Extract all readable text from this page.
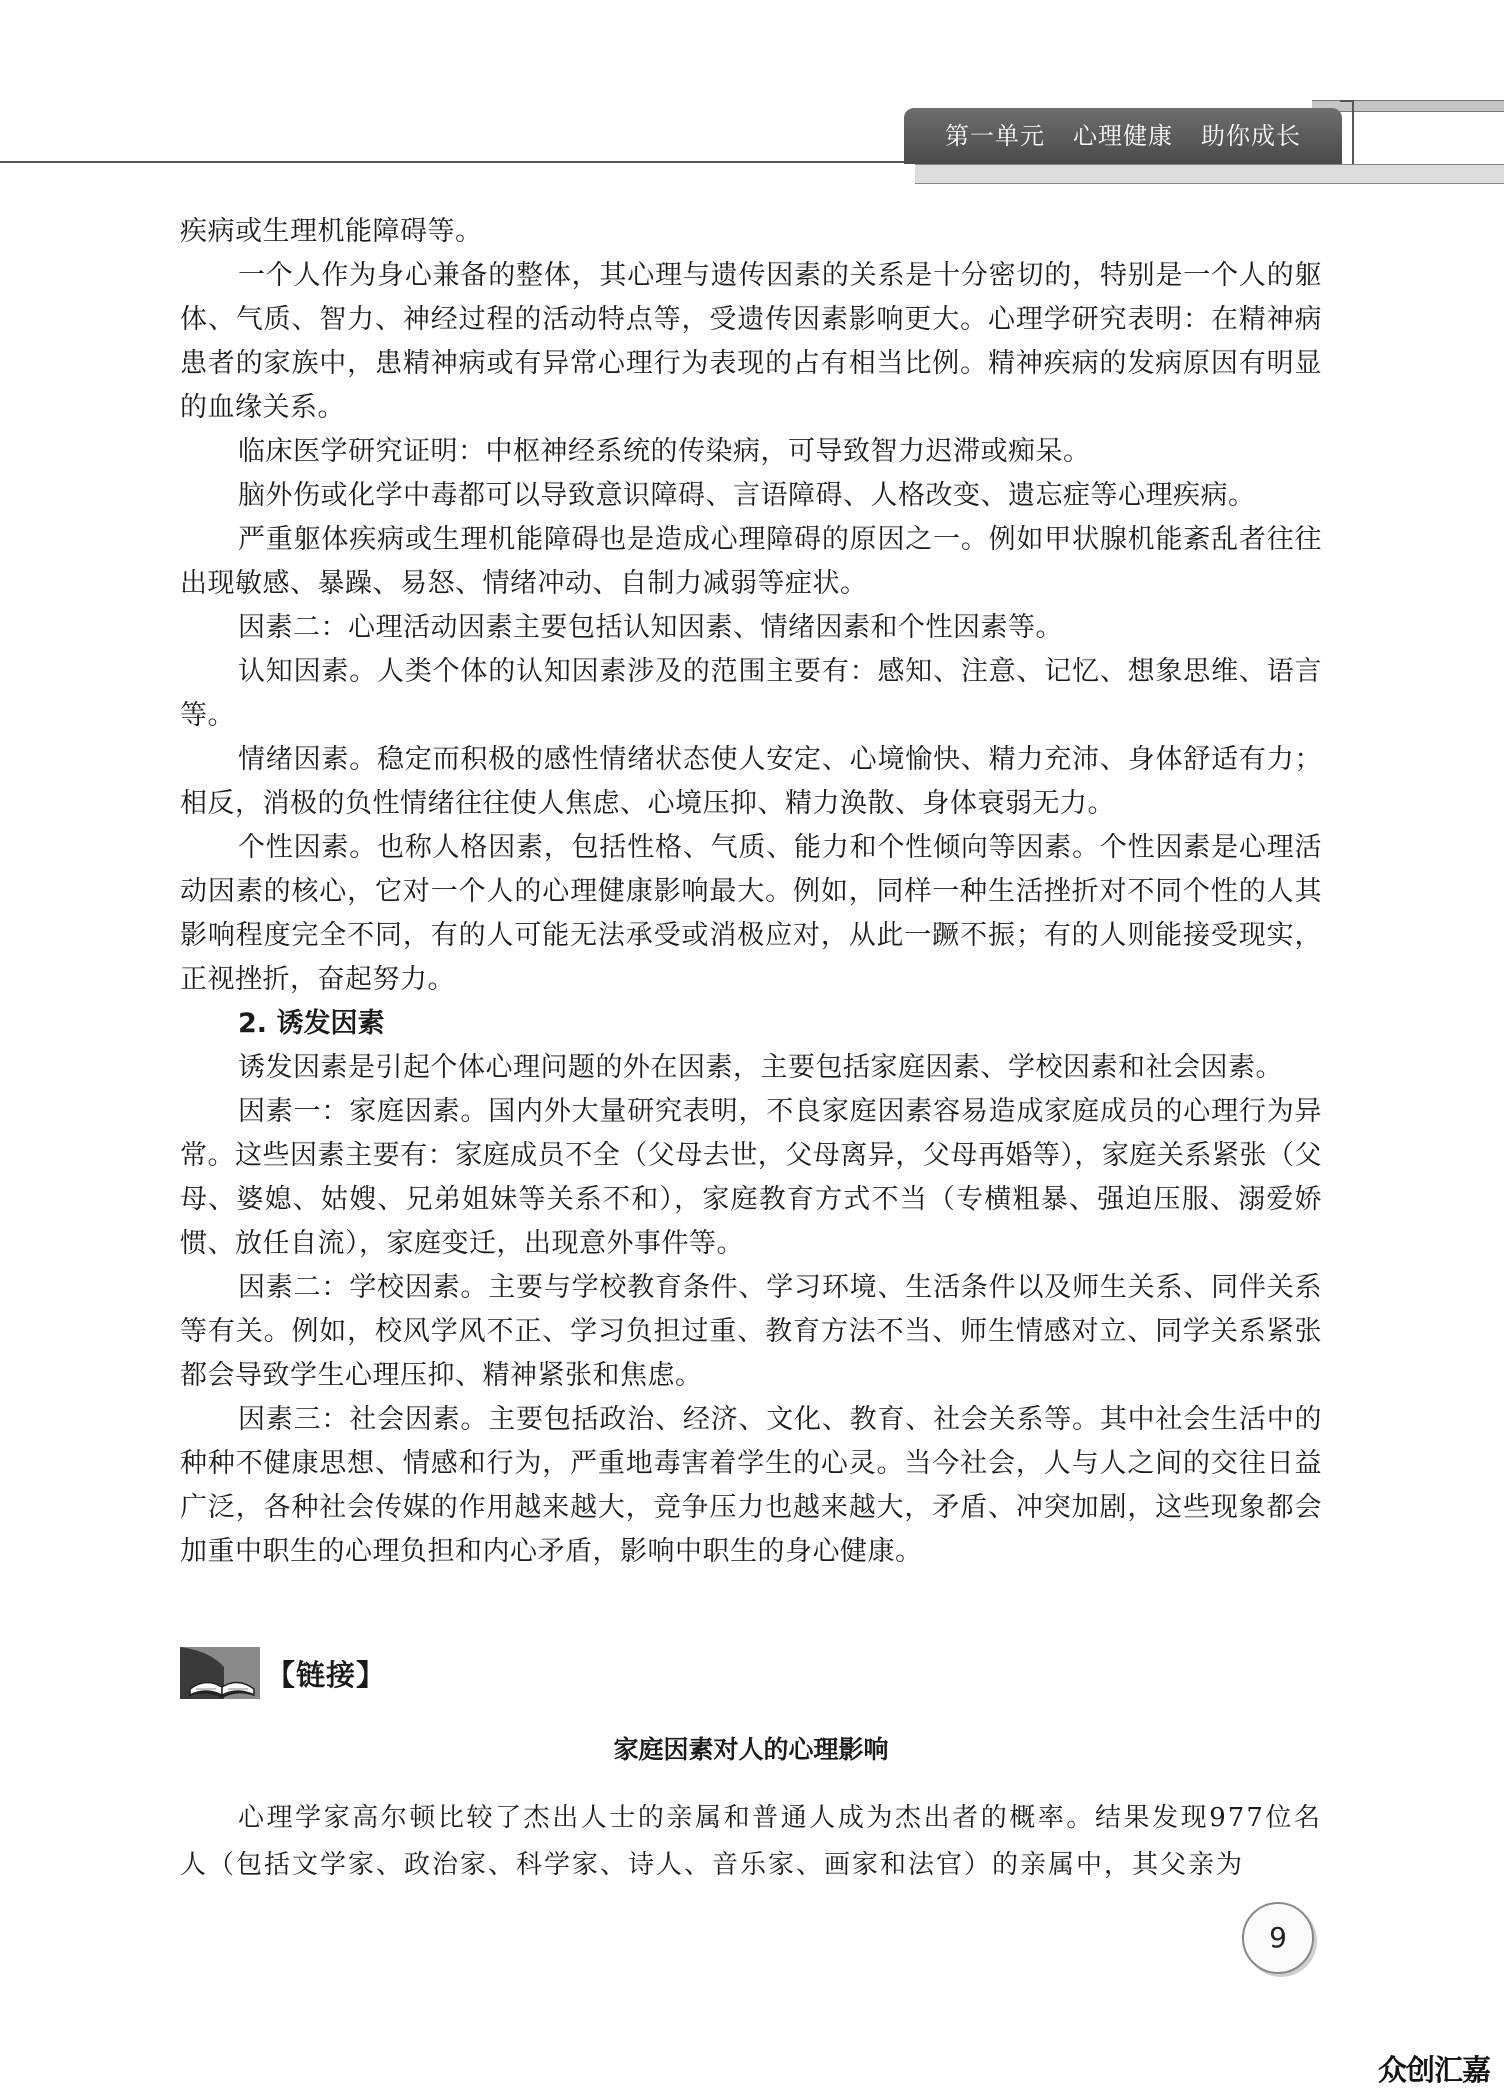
第一单元 心理健康 助你成长

疾病或生理机能障碍等。

一个人作为身心兼备的整体，其心理与遗传因素的关系是十分密切的，特别是一个人的躯体、气质、智力、神经过程的活动特点等，受遗传因素影响更大。心理学研究表明：在精神病患者的家族中，患精神病或有异常心理行为表现的占有相当比例。精神疾病的发病原因有明显的血缘关系。

临床医学研究证明：中枢神经系统的传染病，可导致智力迟滞或痴呆。

脑外伤或化学中毒都可以导致意识障碍、言语障碍、人格改变、遗忘症等心理疾病。

严重躯体疾病或生理机能障碍也是造成心理障碍的原因之一。例如甲状腺机能紊乱者往往出现敏感、暴躁、易怒、情绪冲动、自制力减弱等症状。

因素二：心理活动因素主要包括认知因素、情绪因素和个性因素等。

认知因素。人类个体的认知因素涉及的范围主要有：感知、注意、记忆、想象思维、语言等。

情绪因素。稳定而积极的感性情绪状态使人安定、心境愉快、精力充沛、身体舒适有力；相反，消极的负性情绪往往使人焦虑、心境压抑、精力涣散、身体衰弱无力。

个性因素。也称人格因素，包括性格、气质、能力和个性倾向等因素。个性因素是心理活动因素的核心，它对一个人的心理健康影响最大。例如，同样一种生活挫折对不同个性的人其影响程度完全不同，有的人可能无法承受或消极应对，从此一蹶不振；有的人则能接受现实，正视挫折，奋起努力。

2. 诱发因素

诱发因素是引起个体心理问题的外在因素，主要包括家庭因素、学校因素和社会因素。

因素一：家庭因素。国内外大量研究表明，不良家庭因素容易造成家庭成员的心理行为异常。这些因素主要有：家庭成员不全（父母去世，父母离异，父母再婚等），家庭关系紧张（父母、婆媳、姑嫂、兄弟姐妹等关系不和），家庭教育方式不当（专横粗暴、强迫压服、溺爱娇惯、放任自流），家庭变迁，出现意外事件等。

因素二：学校因素。主要与学校教育条件、学习环境、生活条件以及师生关系、同伴关系等有关。例如，校风学风不正、学习负担过重、教育方法不当、师生情感对立、同学关系紧张都会导致学生心理压抑、精神紧张和焦虑。

因素三：社会因素。主要包括政治、经济、文化、教育、社会关系等。其中社会生活中的种种不健康思想、情感和行为，严重地毒害着学生的心灵。当今社会，人与人之间的交往日益广泛，各种社会传媒的作用越来越大，竞争压力也越来越大，矛盾、冲突加剧，这些现象都会加重中职生的心理负担和内心矛盾，影响中职生的身心健康。

【链接】
家庭因素对人的心理影响

心理学家高尔顿比较了杰出人士的亲属和普通人成为杰出者的概率。结果发现977位名人（包括文学家、政治家、科学家、诗人、音乐家、画家和法官）的亲属中，其父亲为

9
众创汇嘉
